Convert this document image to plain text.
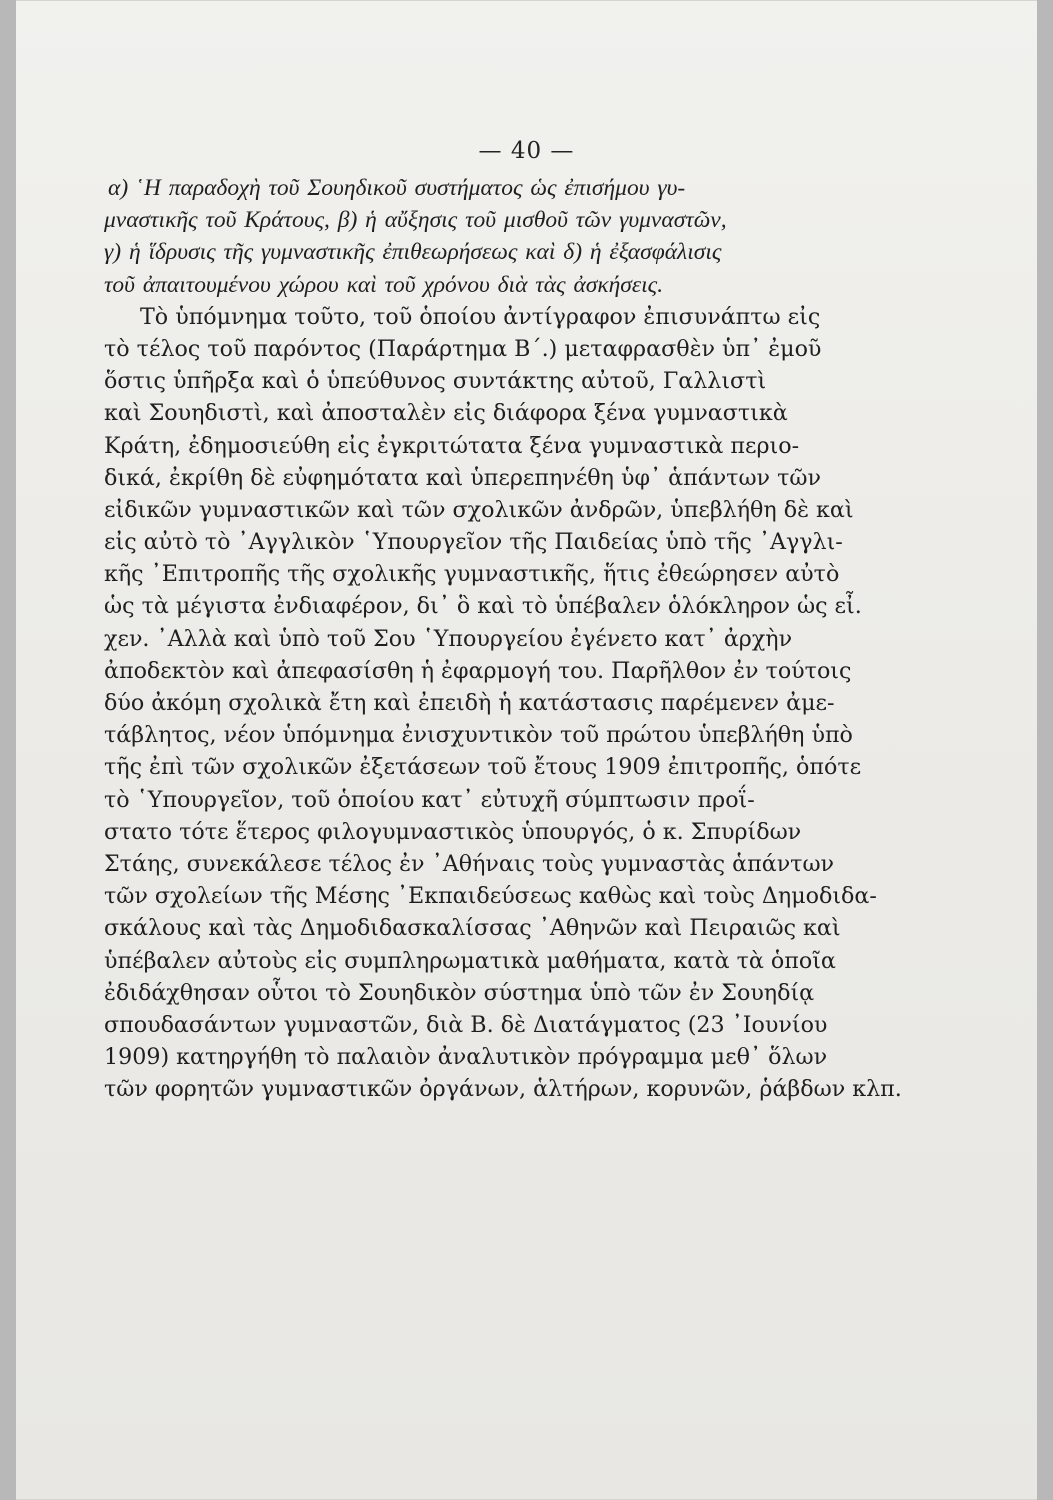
— 40 —
α) ῾Η παραδοχὴ τοῦ Σουηδικοῦ συστήματος ὡς ἐπισήμου γυ-
μναστικῆς τοῦ Κράτους, β) ἡ αὔξησις τοῦ μισθοῦ τῶν γυμναστῶν,
γ) ἡ ἵδρυσις τῆς γυμναστικῆς ἐπιθεωρήσεως καὶ δ) ἡ ἐξασφάλισις
τοῦ ἀπαιτουμένου χώρου καὶ τοῦ χρόνου διὰ τὰς ἀσκήσεις.
Τὸ ὑπόμνημα τοῦτο, τοῦ ὁποίου ἀντίγραφον ἐπισυνάπτω εἰς
τὸ τέλος τοῦ παρόντος (Παράρτημα Β΄.) μεταφρασθὲν ὑπ᾿ ἐμοῦ
ὅστις ὑπῆρξα καὶ ὁ ὑπεύθυνος συντάκτης αὐτοῦ, Γαλλιστὶ
καὶ Σουηδιστὶ, καὶ ἀποσταλὲν εἰς διάφορα ξένα γυμναστικὰ
Κράτη, ἐδημοσιεύθη εἰς ἐγκριτώτατα ξένα γυμναστικὰ περιο-
δικά, ἐκρίθη δὲ εὐφημότατα καὶ ὑπερεπηνέθη ὑφ᾿ ἁπάντων τῶν
εἰδικῶν γυμναστικῶν καὶ τῶν σχολικῶν ἀνδρῶν, ὑπεβλήθη δὲ καὶ
εἰς αὐτὸ τὸ ᾿Αγγλικὸν ῾Υπουργεῖον τῆς Παιδείας ὑπὸ τῆς ᾿Αγγλι-
κῆς ᾿Επιτροπῆς τῆς σχολικῆς γυμναστικῆς, ἥτις ἐθεώρησεν αὐτὸ
ὡς τὰ μέγιστα ἐνδιαφέρον, δι᾿ ὃ καὶ τὸ ὑπέβαλεν ὁλόκληρον ὡς εἶ.
χεν. ᾿Αλλὰ καὶ ὑπὸ τοῦ Σου ῾Υπουργείου ἐγένετο κατ᾿ ἀρχὴν
ἀποδεκτὸν καὶ ἀπεφασίσθη ἡ ἐφαρμογή του. Παρῆλθον ἐν τούτοις
δύο ἀκόμη σχολικὰ ἔτη καὶ ἐπειδὴ ἡ κατάστασις παρέμενεν ἀμε-
τάβλητος, νέον ὑπόμνημα ἐνισχυντικὸν τοῦ πρώτου ὑπεβλήθη ὑπὸ
τῆς ἐπὶ τῶν σχολικῶν ἐξετάσεων τοῦ ἔτους 1909 ἐπιτροπῆς, ὁπότε
τὸ ῾Υπουργεῖον, τοῦ ὁποίου κατ᾿ εὐτυχῆ σύμπτωσιν προΐ-
στατο τότε ἕτερος φιλογυμναστικὸς ὑπουργός, ὁ κ. Σπυρίδων
Στάης, συνεκάλεσε τέλος ἐν ᾿Αθήναις τοὺς γυμναστὰς ἁπάντων
τῶν σχολείων τῆς Μέσης ᾿Εκπαιδεύσεως καθὼς καὶ τοὺς Δημοδιδα-
σκάλους καὶ τὰς Δημοδιδασκαλίσσας ᾿Αθηνῶν καὶ Πειραιῶς καὶ
ὑπέβαλεν αὐτοὺς εἰς συμπληρωματικὰ μαθήματα, κατὰ τὰ ὁποῖα
ἐδιδάχθησαν οὗτοι τὸ Σουηδικὸν σύστημα ὑπὸ τῶν ἐν Σουηδίᾳ
σπουδασάντων γυμναστῶν, διὰ Β. δὲ Διατάγματος (23 ᾿Ιουνίου
1909) κατηργήθη τὸ παλαιὸν ἀναλυτικὸν πρόγραμμα μεθ᾿ ὅλων
τῶν φορητῶν γυμναστικῶν ὀργάνων, ἁλτήρων, κορυνῶν, ῥάβδων κλπ.
